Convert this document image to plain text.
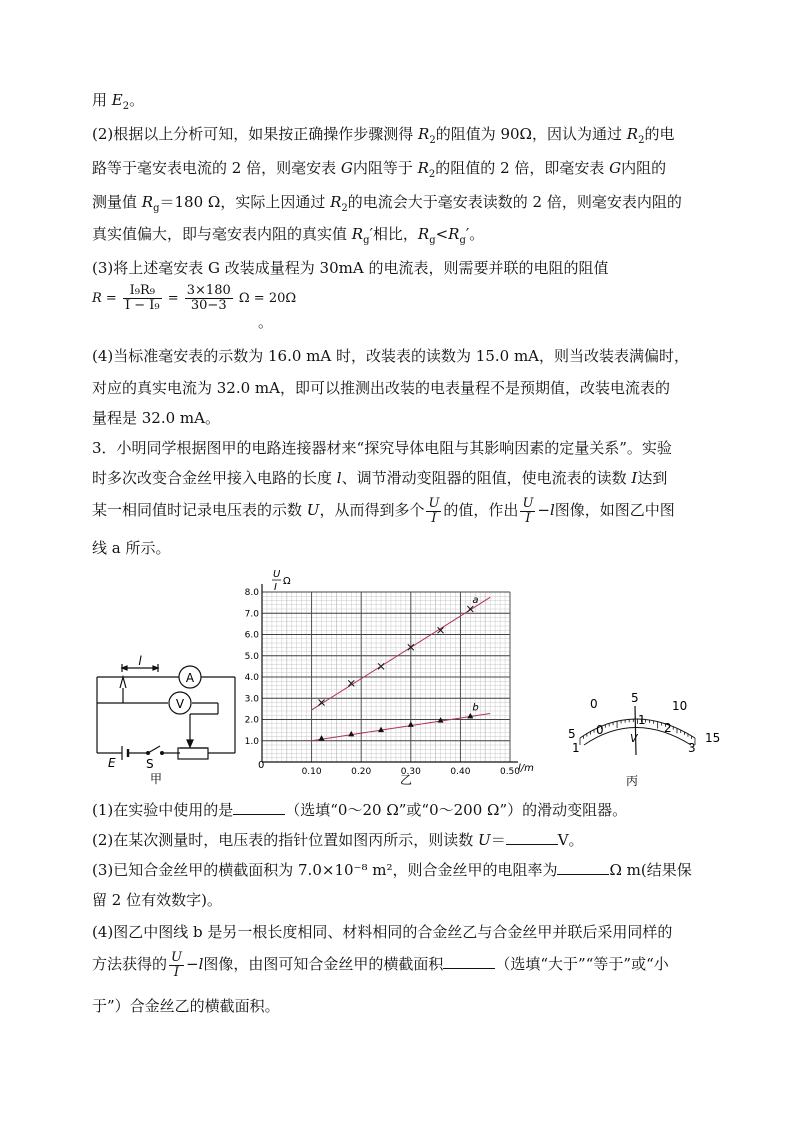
用 $E_2$。
(2)根据以上分析可知，如果按正确操作步骤测得 $R_2$的阻值为 90Ω，因认为通过 $R_2$的电
路等于毫安表电流的 2 倍，则毫安表 G内阻等于 $R_2$的阻值的 2 倍，即毫安表 G内阻的
测量值 $R_g=180$ Ω，实际上因通过 $R_2$的电流会大于毫安表读数的 2 倍，则毫安表内阻的
真实值偏大，即与毫安表内阻的真实值 $R_g'$相比，$R_g<R_g'$。
(3)将上述毫安表 G 改装成量程为 30mA 的电流表，则需要并联的电阻的阻值
$R = \frac{\text{I₉R₉}}{\text{I − I₉}} = \frac{3\times 180}{30-3}$ Ω = 20Ω
。
(4)当标准毫安表的示数为 16.0 mA 时，改装表的读数为 15.0 mA，则当改装表满偏时，
对应的真实电流为 32.0 mA，即可以推测出改装的电表量程不是预期值，改装电流表的
量程是 32.0 mA。
3．小明同学根据图甲的电路连接器材来“探究导体电阻与其影响因素的定量关系”。实验
时多次改变合金丝甲接入电路的长度 l、调节滑动变阻器的阻值，使电流表的读数 I达到
某一相同值时记录电压表的示数 U，从而得到多个 $\frac{U}{I}$ 的值，作出 $\frac{U}{I} -l$图像，如图乙中图
线 a 所示。
A
V
l
E	S
甲	0.10	0.20	0.30	0.40	0.50
1.0
2.0
3.0
4.0
5.0
6.0
7.0
8.0
a
b
U
I
Ω
l/m
0
乙
5
0	5
10
15
0
1
2
3
1
V
丙
(1)在实验中使用的是	（选填“0～20 Ω”或“0～200 Ω”）的滑动变阻器。
(2)在某次测量时，电压表的指针位置如图丙所示，则读数 U＝	V。
(3)已知合金丝甲的横截面积为 7.0×10⁻⁸ m²，则合金丝甲的电阻率为	Ω m(结果保
留 2 位有效数字)。
(4)图乙中图线 b 是另一根长度相同、材料相同的合金丝乙与合金丝甲并联后采用同样的
方法获得的 $\frac{U}{I} -l$图像，由图可知合金丝甲的横截面积	（选填“大于”“等于”或“小
于”）合金丝乙的横截面积。
